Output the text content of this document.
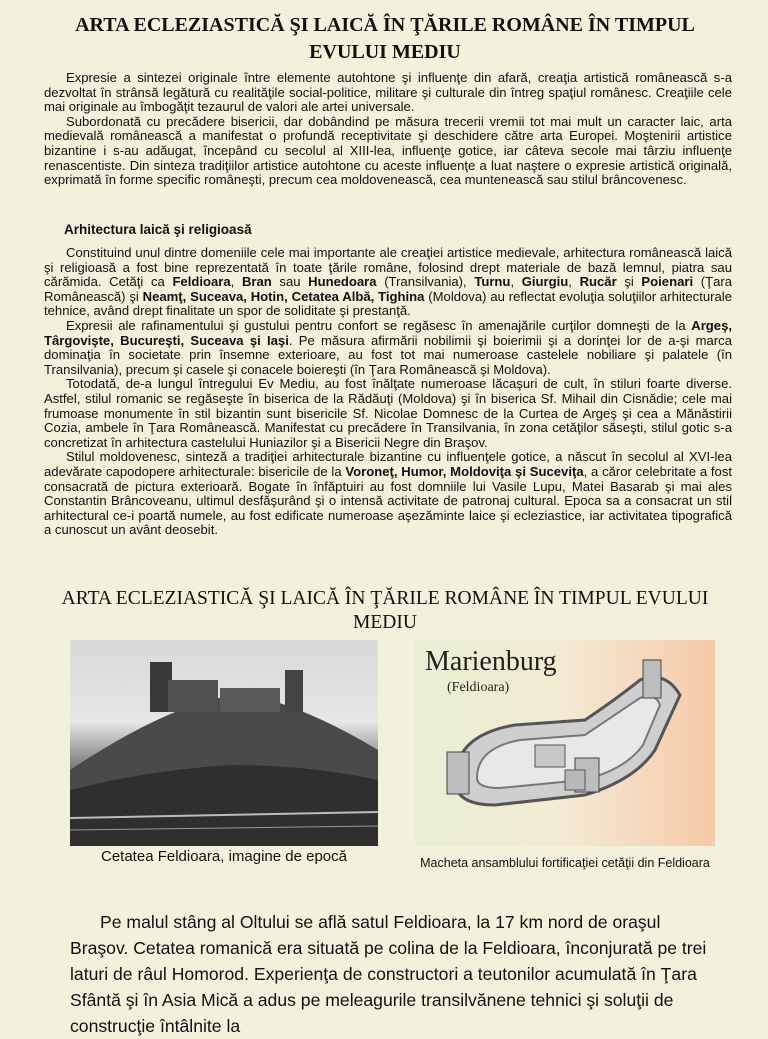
ARTA ECLEZIASTICĂ ŞI LAICĂ ÎN ŢĂRILE ROMÂNE ÎN TIMPUL EVULUI MEDIU

Expresie a sintezei originale între elemente autohtone şi influenţe din afară, creaţia artistică românească s-a dezvoltat în strânsă legătură cu realităţile social-politice, militare şi culturale din întreg spaţiul românesc. Creaţiile cele mai originale au îmbogăţit tezaurul de valori ale artei universale.

Subordonată cu precădere bisericii, dar dobândind pe măsura trecerii vremii tot mai mult un caracter laic, arta medievală românească a manifestat o profundă receptivitate şi deschidere către arta Europei. Moştenirii artistice bizantine i s-au adăugat, începând cu secolul al XIII-lea, influenţe gotice, iar câteva secole mai târziu influenţe renascentiste. Din sinteza tradiţiilor artistice autohtone cu aceste influenţe a luat naştere o expresie artistică originală, exprimată în forme specific româneşti, precum cea moldovenească, cea muntenească sau stilul brâncovenesc.

Arhitectura laică şi religioasă

Constituind unul dintre domeniile cele mai importante ale creaţiei artistice medievale, arhitectura românească laică şi religioasă a fost bine reprezentată în toate ţările române, folosind drept materiale de bază lemnul, piatra sau cărămida. Cetăţi ca Feldioara, Bran sau Hunedoara (Transilvania), Turnu, Giurgiu, Rucăr şi Poienari (Ţara Românească) şi Neamţ, Suceava, Hotin, Cetatea Albă, Tighina (Moldova) au reflectat evoluţia soluţiilor arhitecturale tehnice, având drept finalitate un spor de soliditate şi prestanţă.

Expresii ale rafinamentului şi gustului pentru confort se regăsesc în amenajările curţilor domneşti de la Argeş, Târgovişte, Bucureşti, Suceava şi Iaşi. Pe măsura afirmării nobilimii şi boierimii şi a dorinţei lor de a-şi marca dominaţia în societate prin însemne exterioare, au fost tot mai numeroase castelele nobiliare şi palatele (în Transilvania), precum şi casele şi conacele boiereşti (în Ţara Românească şi Moldova).

Totodată, de-a lungul întregului Ev Mediu, au fost înălţate numeroase lăcaşuri de cult, în stiluri foarte diverse. Astfel, stilul romanic se regăseşte în biserica de la Rădăuţi (Moldova) şi în biserica Sf. Mihail din Cisnădie; cele mai frumoase monumente în stil bizantin sunt bisericile Sf. Nicolae Domnesc de la Curtea de Argeş şi cea a Mănăstirii Cozia, ambele în Ţara Românească. Manifestat cu precădere în Transilvania, în zona cetăţilor săseşti, stilul gotic s-a concretizat în arhitectura castelului Huniazilor şi a Bisericii Negre din Braşov.

Stilul moldovenesc, sinteză a tradiţiei arhitecturale bizantine cu influenţele gotice, a născut în secolul al XVI-lea adevărate capodopere arhitecturale: bisericile de la Voroneţ, Humor, Moldoviţa şi Suceviţa, a căror celebritate a fost consacrată de pictura exterioară. Bogate în înfăptuiri au fost domniile lui Vasile Lupu, Matei Basarab şi mai ales Constantin Brâncoveanu, ultimul desfăşurând şi o intensă activitate de patronaj cultural. Epoca sa a consacrat un stil arhitectural ce-i poartă numele, au fost edificate numeroase aşezăminte laice şi ecleziastice, iar activitatea tipografică a cunoscut un avânt deosebit.

ARTA ECLEZIASTICĂ ŞI LAICĂ ÎN ŢĂRILE ROMÂNE ÎN TIMPUL EVULUI MEDIU
Cetatea Feldioara, imagine de epocă
Marienburg
(Feldioara)
Macheta ansamblului fortificaţiei cetăţii din Feldioara

Pe malul stâng al Oltului se află satul Feldioara, la 17 km nord de oraşul Braşov. Cetatea romanică era situată pe colina de la Feldioara, înconjurată pe trei laturi de râul Homorod. Experienţa de constructori a teutonilor acumulată în Ţara Sfântă şi în Asia Mică a adus pe meleagurile transilvănene tehnici şi soluţii de construcţie întâlnite la
